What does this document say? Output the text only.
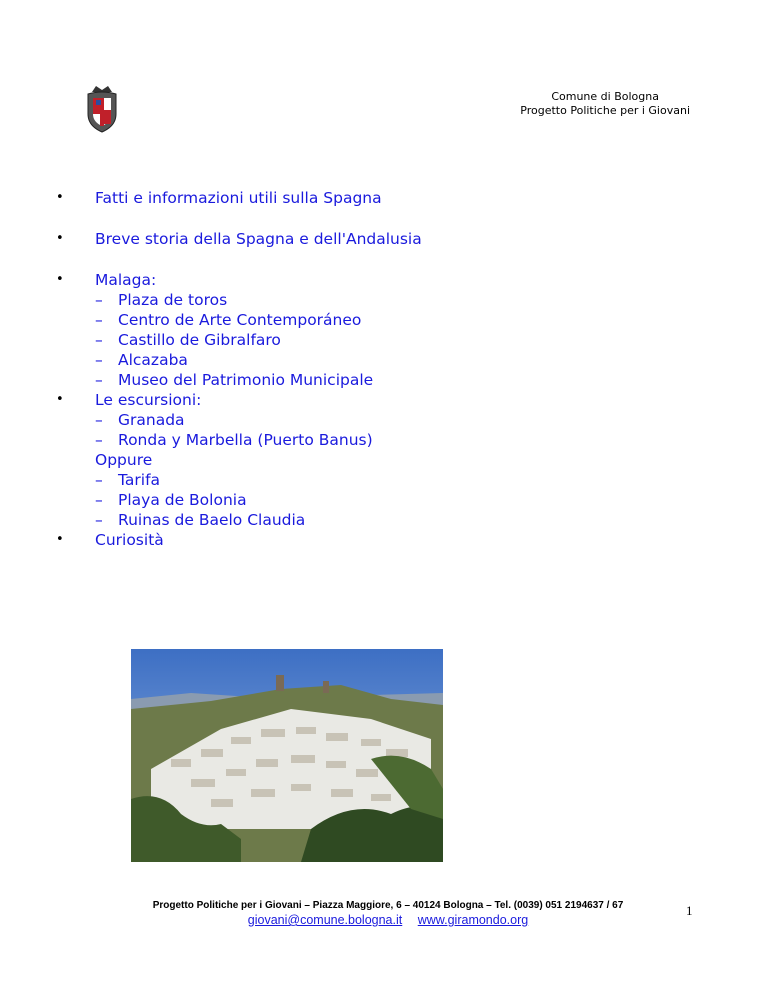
Comune di Bologna
Progetto Politiche per i Giovani
• Fatti e informazioni utili sulla Spagna
• Breve storia della Spagna e dell'Andalusia
• Malaga:
– Plaza de toros
– Centro de Arte Contemporáneo
– Castillo de Gibralfaro
– Alcazaba
– Museo del Patrimonio Municipale
• Le escursioni:
– Granada
– Ronda y Marbella (Puerto Banus)
Oppure
– Tarifa
– Playa de Bolonia
– Ruinas de Baelo Claudia
• Curiosità
Progetto Politiche per i Giovani – Piazza Maggiore, 6 – 40124 Bologna – Tel. (0039) 051 2194637 / 67
giovani@comune.bologna.it www.giramondo.org
1
